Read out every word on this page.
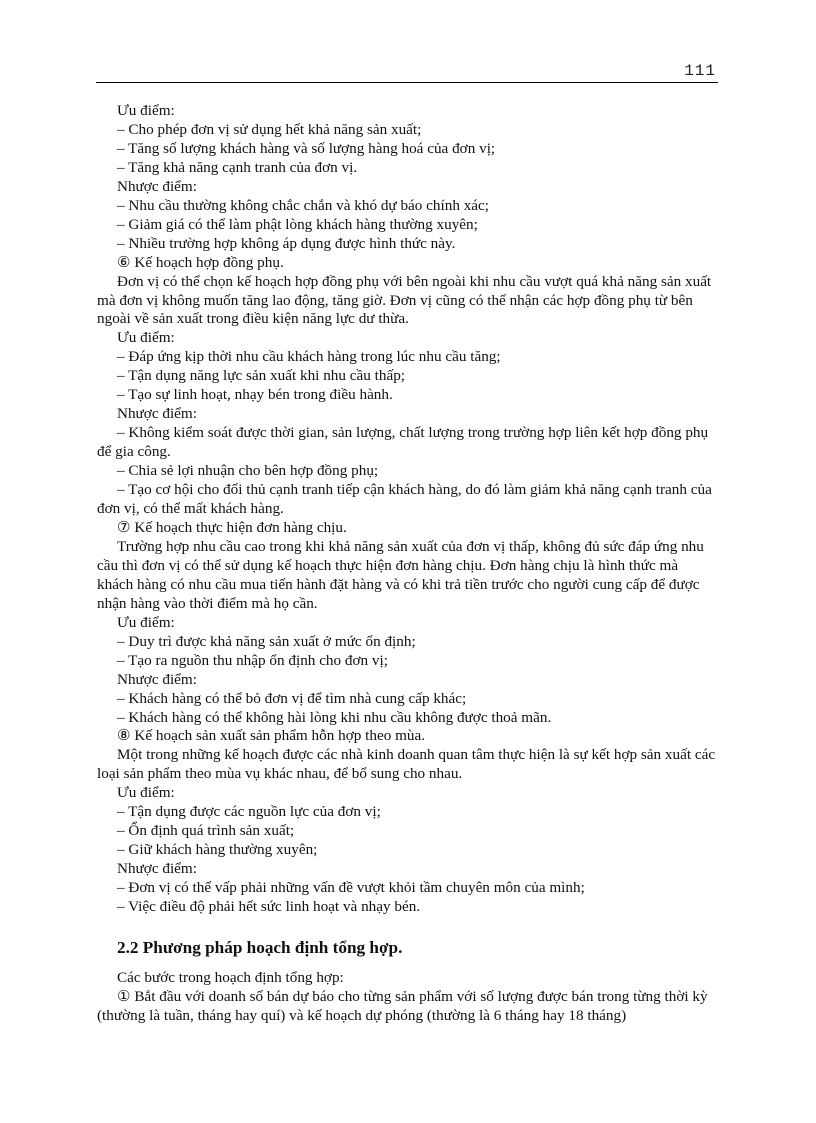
111

Ưu điểm:

– Cho phép đơn vị sử dụng hết khả năng sản xuất;

– Tăng số lượng khách hàng và số lượng hàng hoá của đơn vị;

– Tăng khả năng cạnh tranh của đơn vị.

Nhược điểm:

– Nhu cầu thường không chắc chắn và khó dự báo chính xác;

– Giảm giá có thể làm phật lòng khách hàng thường xuyên;

– Nhiều trường hợp không áp dụng được hình thức này.

⑥ Kế hoạch hợp đồng phụ.

Đơn vị có thể chọn kế hoạch hợp đồng phụ với bên ngoài khi nhu cầu vượt quá khả năng sản xuất mà đơn vị không muốn tăng lao động, tăng giờ. Đơn vị cũng có thể nhận các hợp đồng phụ từ bên ngoài về sản xuất trong điều kiện năng lực dư thừa.

Ưu điểm:

– Đáp ứng kịp thời nhu cầu khách hàng trong lúc nhu cầu tăng;

– Tận dụng năng lực sản xuất khi nhu cầu thấp;

– Tạo sự linh hoạt, nhạy bén trong điều hành.

Nhược điểm:

– Không kiểm soát được thời gian, sản lượng, chất lượng trong trường hợp liên kết hợp đồng phụ để gia công.

– Chia sẻ lợi nhuận cho bên hợp đồng phụ;

– Tạo cơ hội cho đối thủ cạnh tranh tiếp cận khách hàng, do đó làm giảm khả năng cạnh tranh của đơn vị, có thể mất khách hàng.

⑦ Kế hoạch thực hiện đơn hàng chịu.

Trường hợp nhu cầu cao trong khi khả năng sản xuất của đơn vị thấp, không đủ sức đáp ứng nhu cầu thì đơn vị có thể sử dụng kế hoạch thực hiện đơn hàng chịu. Đơn hàng chịu là hình thức mà khách hàng có nhu cầu mua tiến hành đặt hàng và có khi trả tiền trước cho người cung cấp để được nhận hàng vào thời điểm mà họ cần.

Ưu điểm:

– Duy trì được khả năng sản xuất ở mức ổn định;

– Tạo ra nguồn thu nhập ổn định cho đơn vị;

Nhược điểm:

– Khách hàng có thể bỏ đơn vị để tìm nhà cung cấp khác;

– Khách hàng có thể không hài lòng khi nhu cầu không được thoả mãn.

⑧ Kế hoạch sản xuất sản phẩm hỗn hợp theo mùa.

Một trong những kế hoạch được các nhà kinh doanh quan tâm thực hiện là sự kết hợp sản xuất các loại sản phẩm theo mùa vụ khác nhau, để bổ sung cho nhau.

Ưu điểm:

– Tận dụng được các nguồn lực của đơn vị;

– Ổn định quá trình sản xuất;

– Giữ khách hàng thường xuyên;

Nhược điểm:

– Đơn vị có thể vấp phải những vấn đề vượt khỏi tầm chuyên môn của mình;

– Việc điều độ phải hết sức linh hoạt và nhạy bén.

2.2 Phương pháp hoạch định tổng hợp.

Các bước trong hoạch định tổng hợp:

① Bắt đầu với doanh số bán dự báo cho từng sản phẩm với số lượng được bán trong từng thời kỳ (thường là tuần, tháng hay quí) và kế hoạch dự phóng (thường là 6 tháng hay 18 tháng)
